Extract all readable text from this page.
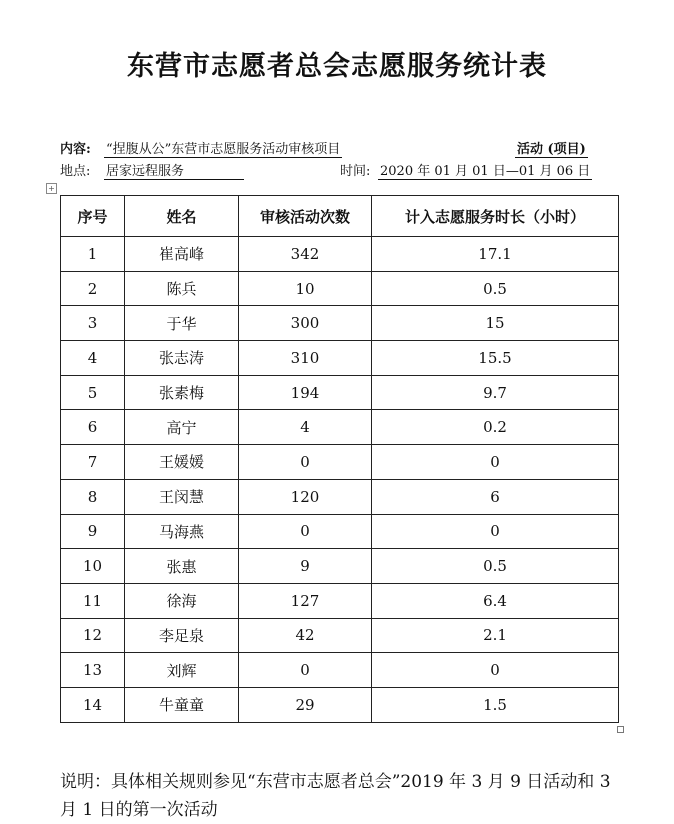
东营市志愿者总会志愿服务统计表
内容: “捏腹从公”东营市志愿服务活动审核项目	活动 (项目)
地点: 居家远程服务	时间: 2020 年 01 月 01 日—01 月 06 日
+
序号	姓名	审核活动次数	计入志愿服务时长（小时）
1	崔高峰	342	17.1
2	陈兵	10	0.5
3	于华	300	15
4	张志涛	310	15.5
5	张素梅	194	9.7
6	高宁	4	0.2
7	王媛媛	0	0
8	王闵慧	120	6
9	马海燕	0	0
10	张惠	9	0.5
11	徐海	127	6.4
12	李足泉	42	2.1
13	刘辉	0	0
14	牛童童	29	1.5
说明：具体相关规则参见“东营市志愿者总会”2019 年 3 月 9 日活动和 3 月 1 日的第一次活动
